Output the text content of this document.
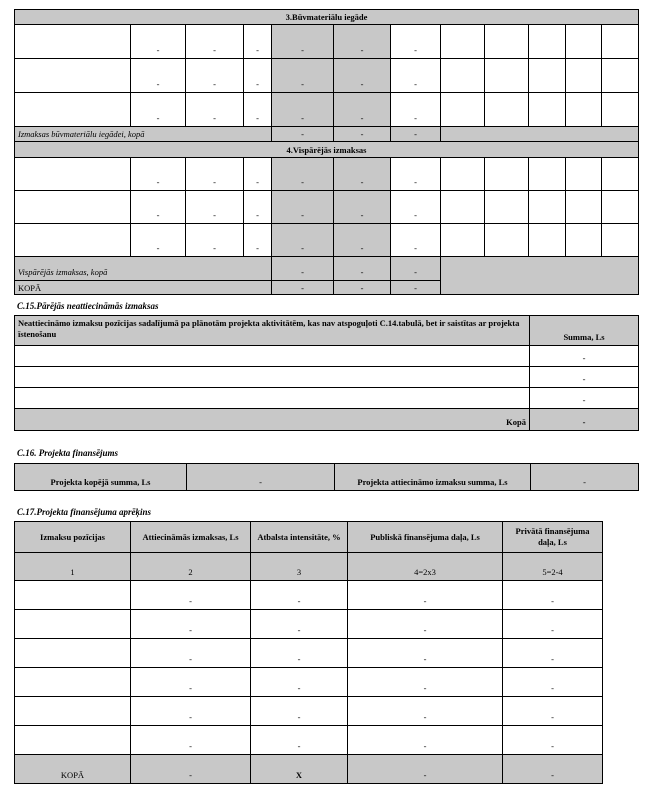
3.Būvmateriālu iegāde											
	-	-	-	-	-	-					
	-	-	-	-	-	-					
	-	-	-	-	-	-					
Izmaksas būvmateriālu iegādei, kopā				-	-	-					
4.Vispārējās izmaksas											
	-	-	-	-	-	-					
	-	-	-	-	-	-					
	-	-	-	-	-	-					
Vispārējās izmaksas, kopā				-	-	-					
KOPĀ				-	-	-					
C.15.Pārējās neattiecināmās izmaksas
Neattiecināmo izmaksu pozīcijas sadalījumā pa plānotām projekta aktivitātēm, kas nav atspoguļoti C.14.tabulā, bet ir saistītas ar projekta īstenošanu	Summa, Ls
	-
	-
	-
Kopā	-
C.16. Projekta finansējums
Projekta kopējā summa, Ls	-	Projekta attiecināmo izmaksu summa, Ls	-
C.17.Projekta finansējuma aprēķins
Izmaksu pozīcijas	Attiecināmās izmaksas, Ls	Atbalsta intensitāte, %	Publiskā finansējuma daļa, Ls	Privātā finansējuma daļa, Ls
1	2	3	4=2x3	5=2-4
	-	-	-	-
	-	-	-	-
	-	-	-	-
	-	-	-	-
	-	-	-	-
	-	-	-	-
KOPĀ	-	X	-	-
